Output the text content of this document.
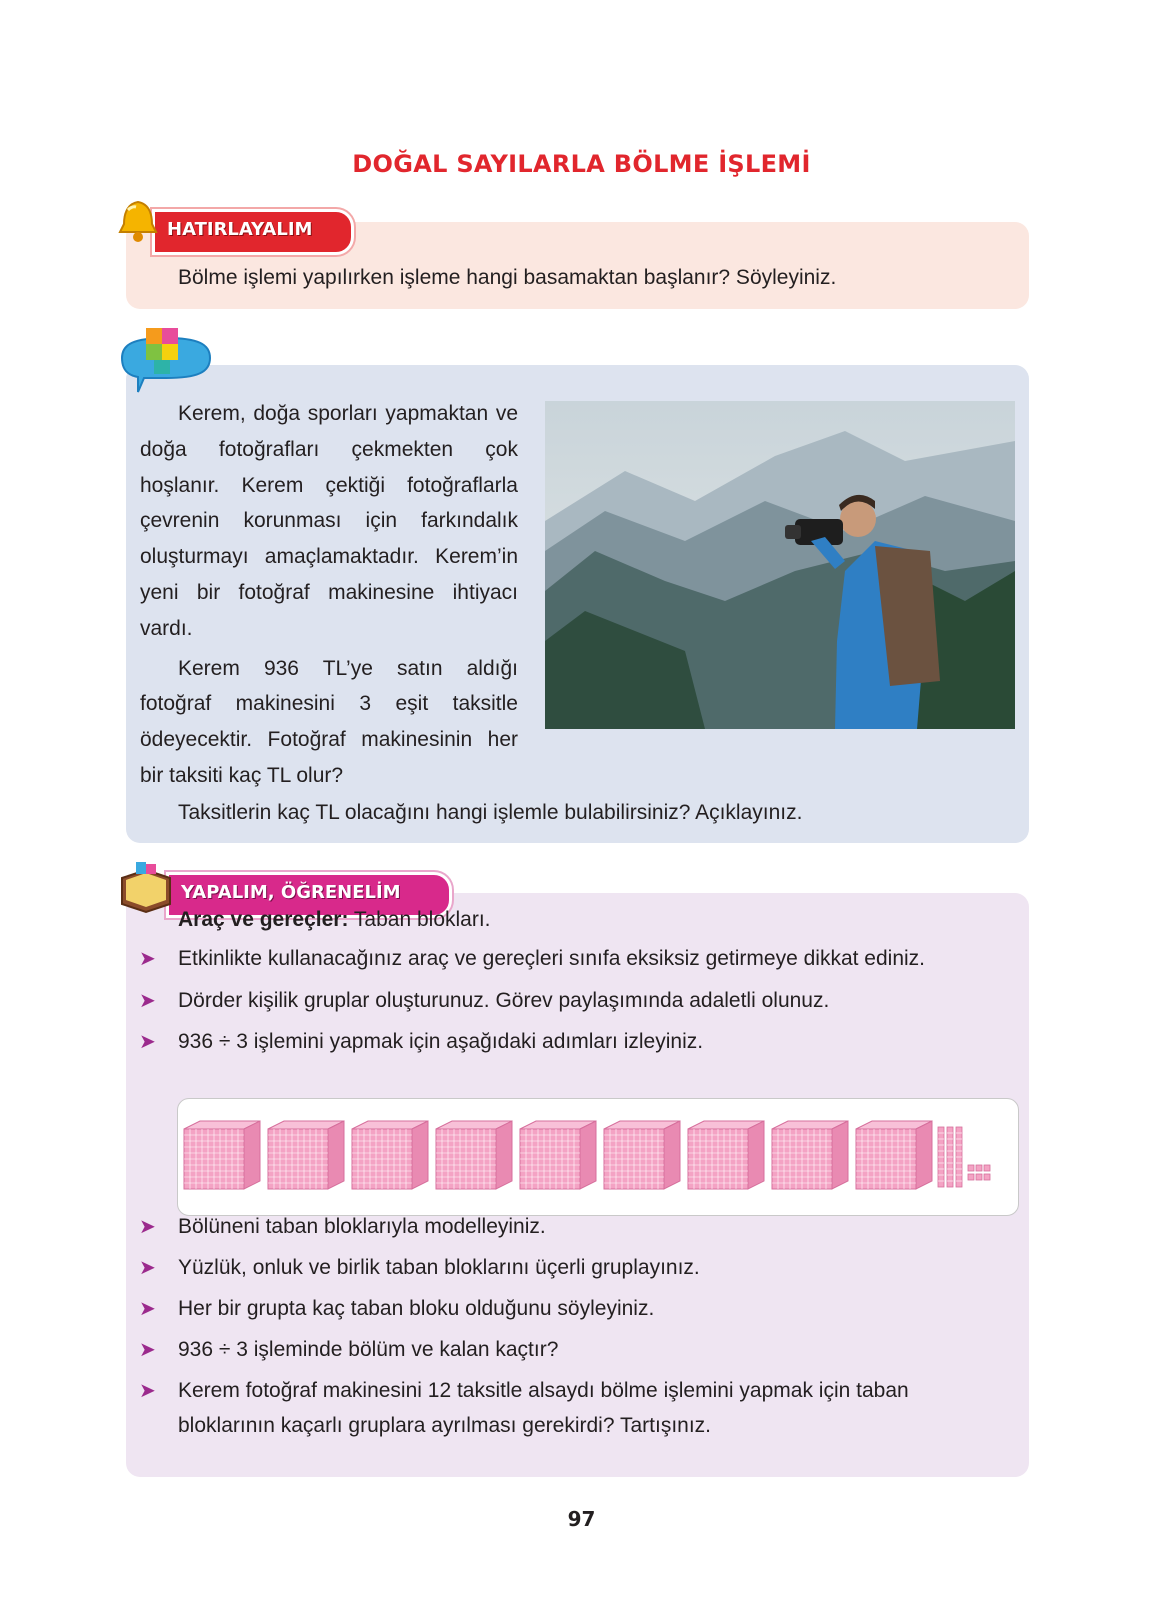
DOĞAL SAYILARLA BÖLME İŞLEMİ

Bölme işlemi yapılırken işleme hangi basamaktan başlanır? Söyleyiniz.

HATIRLAYALIM

Kerem, doğa sporları yapmaktan ve doğa fotoğrafları çekmekten çok hoşlanır. Kerem çektiği fotoğraflarla çevrenin korunması için farkındalık oluşturmayı amaçlamaktadır. Kerem’in yeni bir fotoğraf makinesine ihtiyacı vardı.

Kerem 936 TL’ye satın aldığı fotoğraf makinesini 3 eşit taksitle ödeyecektir. Fotoğraf makinesinin her bir taksiti kaç TL olur?

Taksitlerin kaç TL olacağını hangi işlemle bulabilirsiniz? Açıklayınız.

YAPALIM, ÖĞRENELİM

Araç ve gereçler: Taban blokları.

➤ Etkinlikte kullanacağınız araç ve gereçleri sınıfa eksiksiz getirmeye dikkat ediniz.

➤ Dörder kişilik gruplar oluşturunuz. Görev paylaşımında adaletli olunuz.

➤ 936 ÷ 3 işlemini yapmak için aşağıdaki adımları izleyiniz.

➤ Bölüneni taban bloklarıyla modelleyiniz.

➤ Yüzlük, onluk ve birlik taban bloklarını üçerli gruplayınız.

➤ Her bir grupta kaç taban bloku olduğunu söyleyiniz.

➤ 936 ÷ 3 işleminde bölüm ve kalan kaçtır?

➤ Kerem fotoğraf makinesini 12 taksitle alsaydı bölme işlemini yapmak için taban

bloklarının kaçarlı gruplara ayrılması gerekirdi? Tartışınız.

97
